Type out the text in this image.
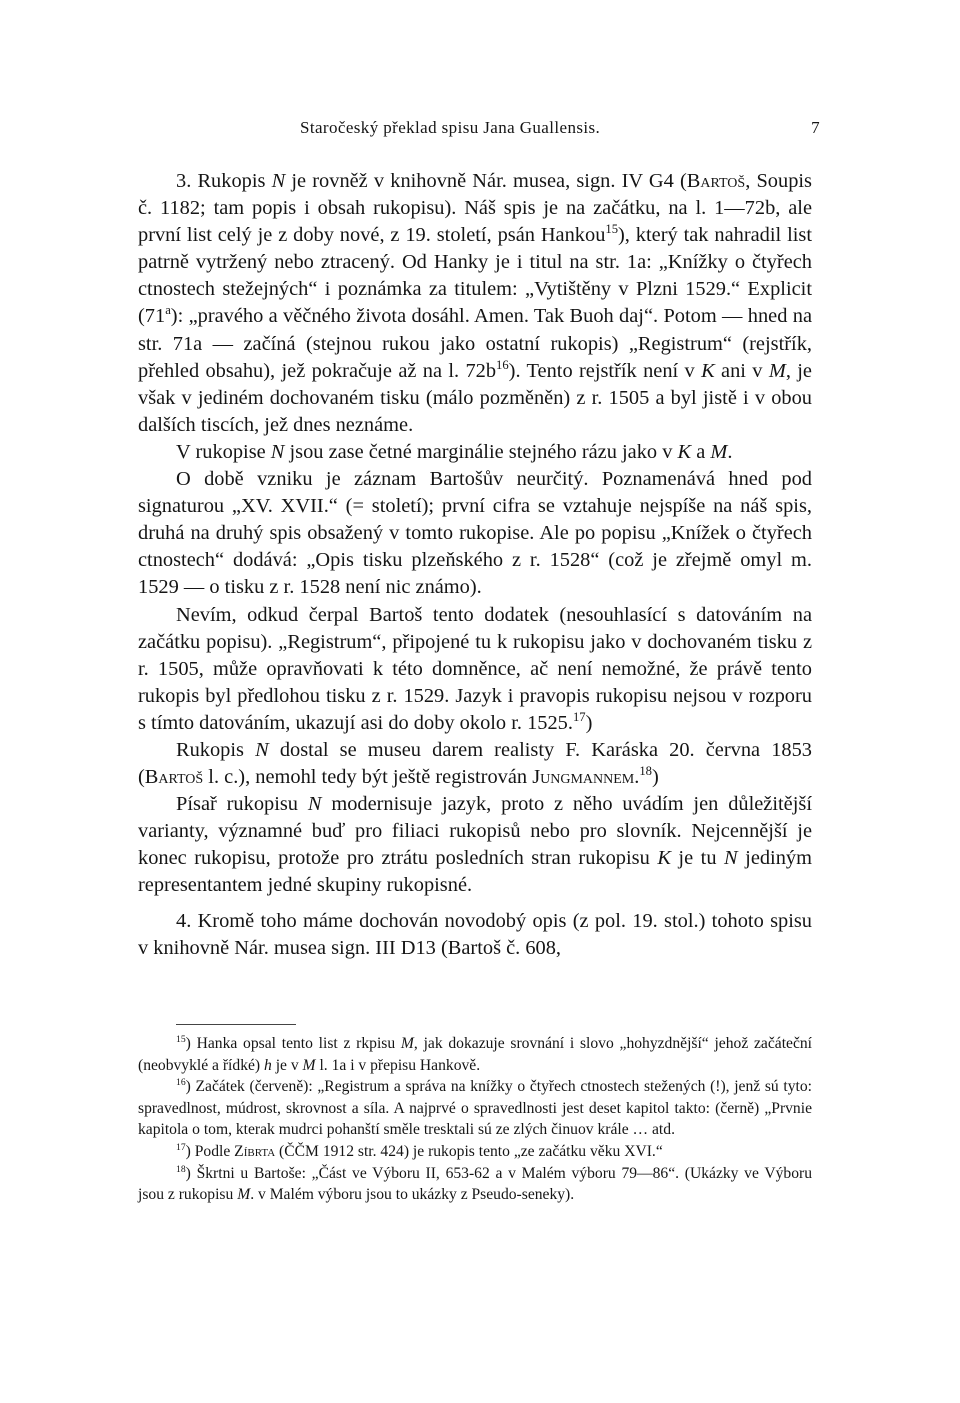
Staročeský překlad spisu Jana Guallensis.	7

3. Rukopis N je rovněž v knihovně Nár. musea, sign. IV G4 (Bartoš, Soupis č. 1182; tam popis i obsah rukopisu). Náš spis je na začátku, na l. 1—72b, ale první list celý je z doby nové, z 19. století, psán Hankou$^{15}$), který tak nahradil list patrně vytržený nebo ztracený. Od Hanky je i titul na str. 1a: „Knížky o čtyřech ctnostech stežejných“ i poznámka za titulem: „Vytištěny v Plzni 1529.“ Explicit (71$^a$): „pravého a věčného života dosáhl. Amen. Tak Buoh daj“. Potom — hned na str. 71a — začíná (stejnou rukou jako ostatní rukopis) „Registrum“ (rejstřík, přehled obsahu), jež pokračuje až na l. $72b^{16}$). Tento rejstřík není v K ani v M, je však v jediném dochovaném tisku (málo pozměněn) z r. 1505 a byl jistě i v obou dalších tiscích, jež dnes neznáme.

V rukopise N jsou zase četné marginálie stejného rázu jako v K a M.

O době vzniku je záznam Bartošův neurčitý. Poznamenává hned pod signaturou „XV. XVII.“ (= století); první cifra se vztahuje nejspíše na náš spis, druhá na druhý spis obsažený v tomto rukopise. Ale po popisu „Knížek o čtyřech ctnostech“ dodává: „Opis tisku plzeňského z r. 1528“ (což je zřejmě omyl m. 1529 — o tisku z r. 1528 není nic známo).

Nevím, odkud čerpal Bartoš tento dodatek (nesouhlasící s datováním na začátku popisu). „Registrum“, připojené tu k rukopisu jako v dochovaném tisku z r. 1505, může opravňovati k této domněnce, ač není nemožné, že právě tento rukopis byl předlohou tisku z r. 1529. Jazyk i pravopis rukopisu nejsou v rozporu s tímto datováním, ukazují asi do doby okolo r. 1525.17)

Rukopis N dostal se museu darem realisty F. Karáska 20. června 1853 (Bartoš l. c.), nemohl tedy být ještě registrován Jungmannem.$^{18}$)

Písař rukopisu N modernisuje jazyk, proto z něho uvádím jen důležitější varianty, významné buď pro filiaci rukopisů nebo pro slovník. Nejcennější je konec rukopisu, protože pro ztrátu posledních stran rukopisu K je tu N jediným representantem jedné skupiny rukopisné.

4. Kromě toho máme dochován novodobý opis (z pol. 19. stol.) tohoto spisu v knihovně Nár. musea sign. III D13 (Bartoš č. 608,

$^{15}$) Hanka opsal tento list z rkpisu M, jak dokazuje srovnání i slovo „hohyzdnější“ jehož začáteční (neobvyklé a řídké) h je v M l. 1a i v přepisu Hankově.

$^{16}$) Začátek (červeně): „Registrum a správa na knížky o čtyřech ctnostech stežených (!), jenž sú tyto: spravedlnost, múdrost, skrovnost a síla. A najprvé o spravedlnosti jest deset kapitol takto: (černě) „Prvnie kapitola o tom, kterak mudrci pohanští směle tresktali sú ze zlých činuov krále … atd.

$^{17}$) Podle Zíbrta (ČČM 1912 str. 424) je rukopis tento „ze začátku věku XVI.“

$^{18}$) Škrtni u Bartoše: „Část ve Výboru II, 653-62 a v Malém výboru 79—86“. (Ukázky ve Výboru jsou z rukopisu M. v Malém výboru jsou to ukázky z Pseudo-seneky).
